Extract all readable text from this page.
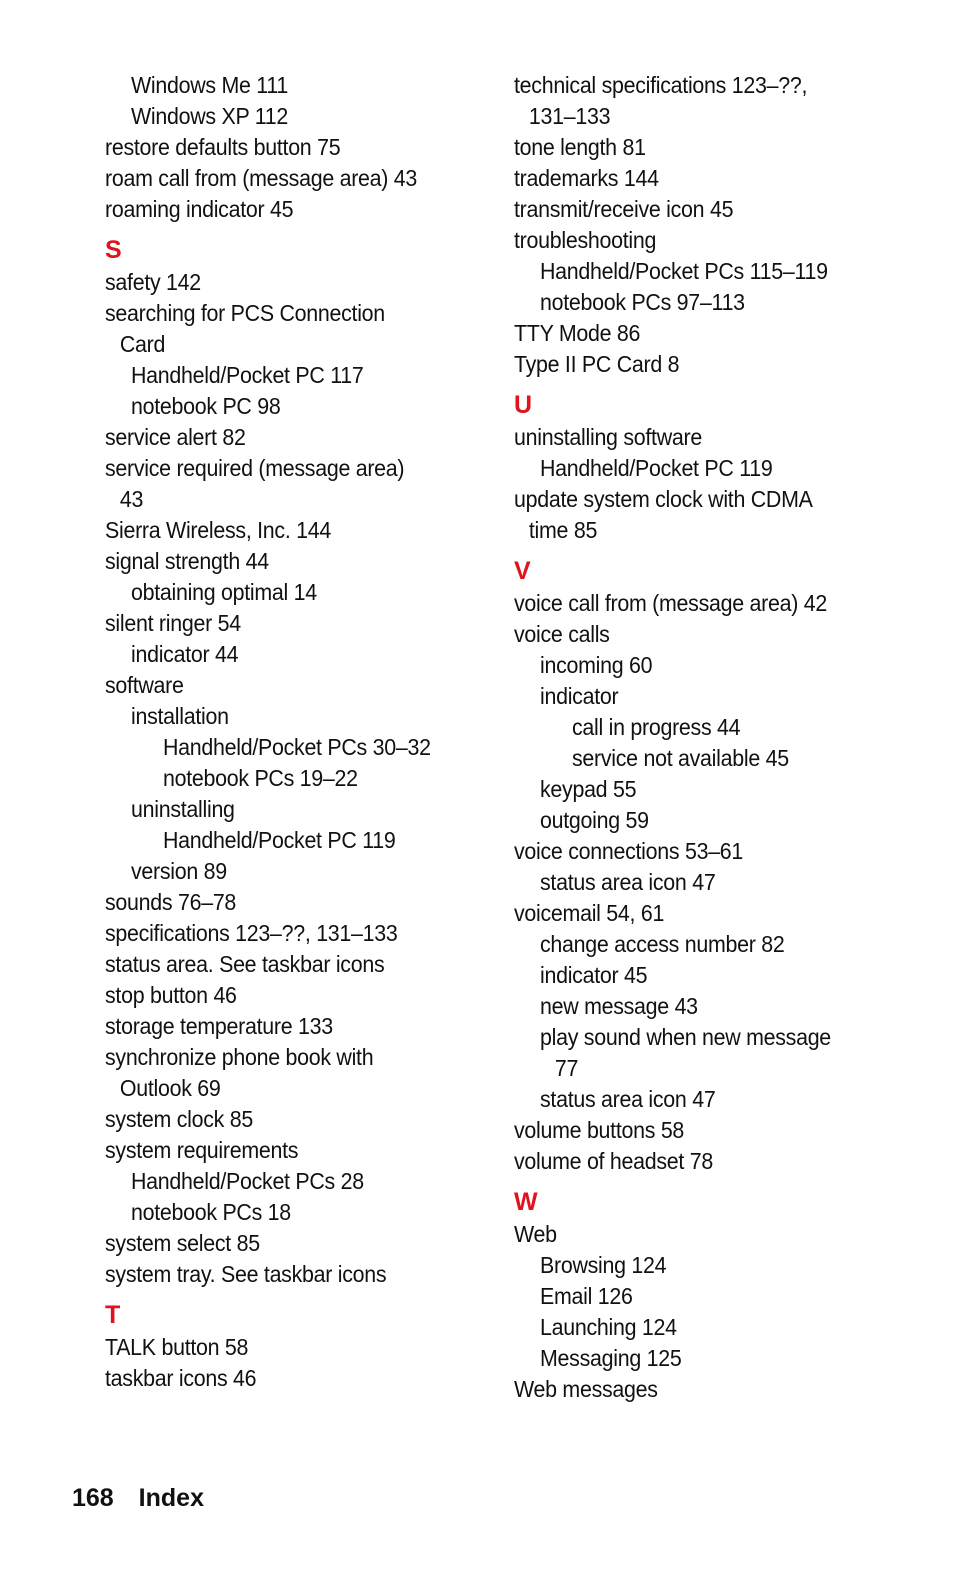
Windows Me 111
Windows XP 112
restore defaults button 75
roam call from (message area) 43
roaming indicator 45
S
safety 142
searching for PCS Connection
Card
Handheld/Pocket PC 117
notebook PC 98
service alert 82
service required (message area)
43
Sierra Wireless, Inc. 144
signal strength 44
obtaining optimal 14
silent ringer 54
indicator 44
software
installation
Handheld/Pocket PCs 30–32
notebook PCs 19–22
uninstalling
Handheld/Pocket PC 119
version 89
sounds 76–78
specifications 123–??, 131–133
status area. See taskbar icons
stop button 46
storage temperature 133
synchronize phone book with
Outlook 69
system clock 85
system requirements
Handheld/Pocket PCs 28
notebook PCs 18
system select 85
system tray. See taskbar icons
T
TALK button 58
taskbar icons 46
technical specifications 123–??,
131–133
tone length 81
trademarks 144
transmit/receive icon 45
troubleshooting
Handheld/Pocket PCs 115–119
notebook PCs 97–113
TTY Mode 86
Type II PC Card 8
U
uninstalling software
Handheld/Pocket PC 119
update system clock with CDMA
time 85
V
voice call from (message area) 42
voice calls
incoming 60
indicator
call in progress 44
service not available 45
keypad 55
outgoing 59
voice connections 53–61
status area icon 47
voicemail 54, 61
change access number 82
indicator 45
new message 43
play sound when new message
77
status area icon 47
volume buttons 58
volume of headset 78
W
Web
Browsing 124
Email 126
Launching 124
Messaging 125
Web messages
168 Index
